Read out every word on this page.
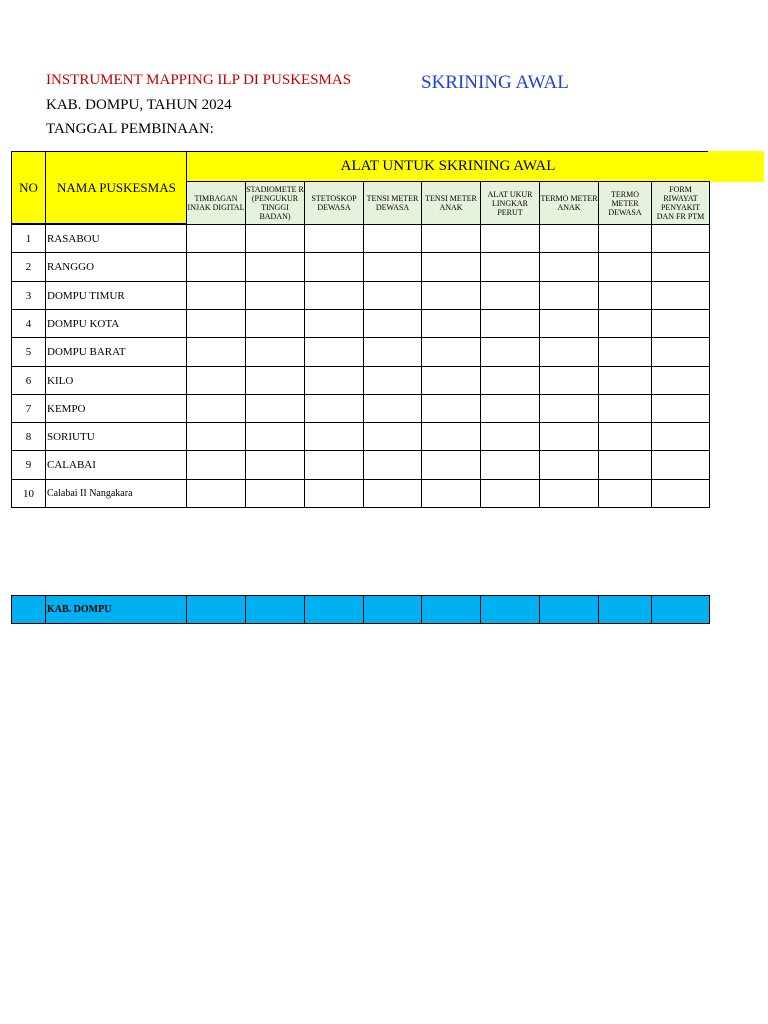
INSTRUMENT MAPPING ILP DI PUSKESMAS	SKRINING AWAL
KAB. DOMPU, TAHUN 2024
TANGGAL PEMBINAAN:
NO	NAMA PUSKESMAS
ALAT UNTUK SKRINING AWAL
TIMBAGAN INJAK DIGITAL
STADIOMETE R (PENGUKUR TINGGI BADAN)
STETOSKOP DEWASA
TENSI METER DEWASA
TENSI METER ANAK
ALAT UKUR LINGKAR PERUT
TERMO METER ANAK
TERMO METER DEWASA
FORM RIWAYAT PENYAKIT DAN FR PTM
1	RASABOU
2	RANGGO
3	DOMPU TIMUR
4	DOMPU KOTA
5	DOMPU BARAT
6	KILO
7	KEMPO
8	SORIUTU
9	CALABAI
10	Calabai II Nangakara
KAB. DOMPU
